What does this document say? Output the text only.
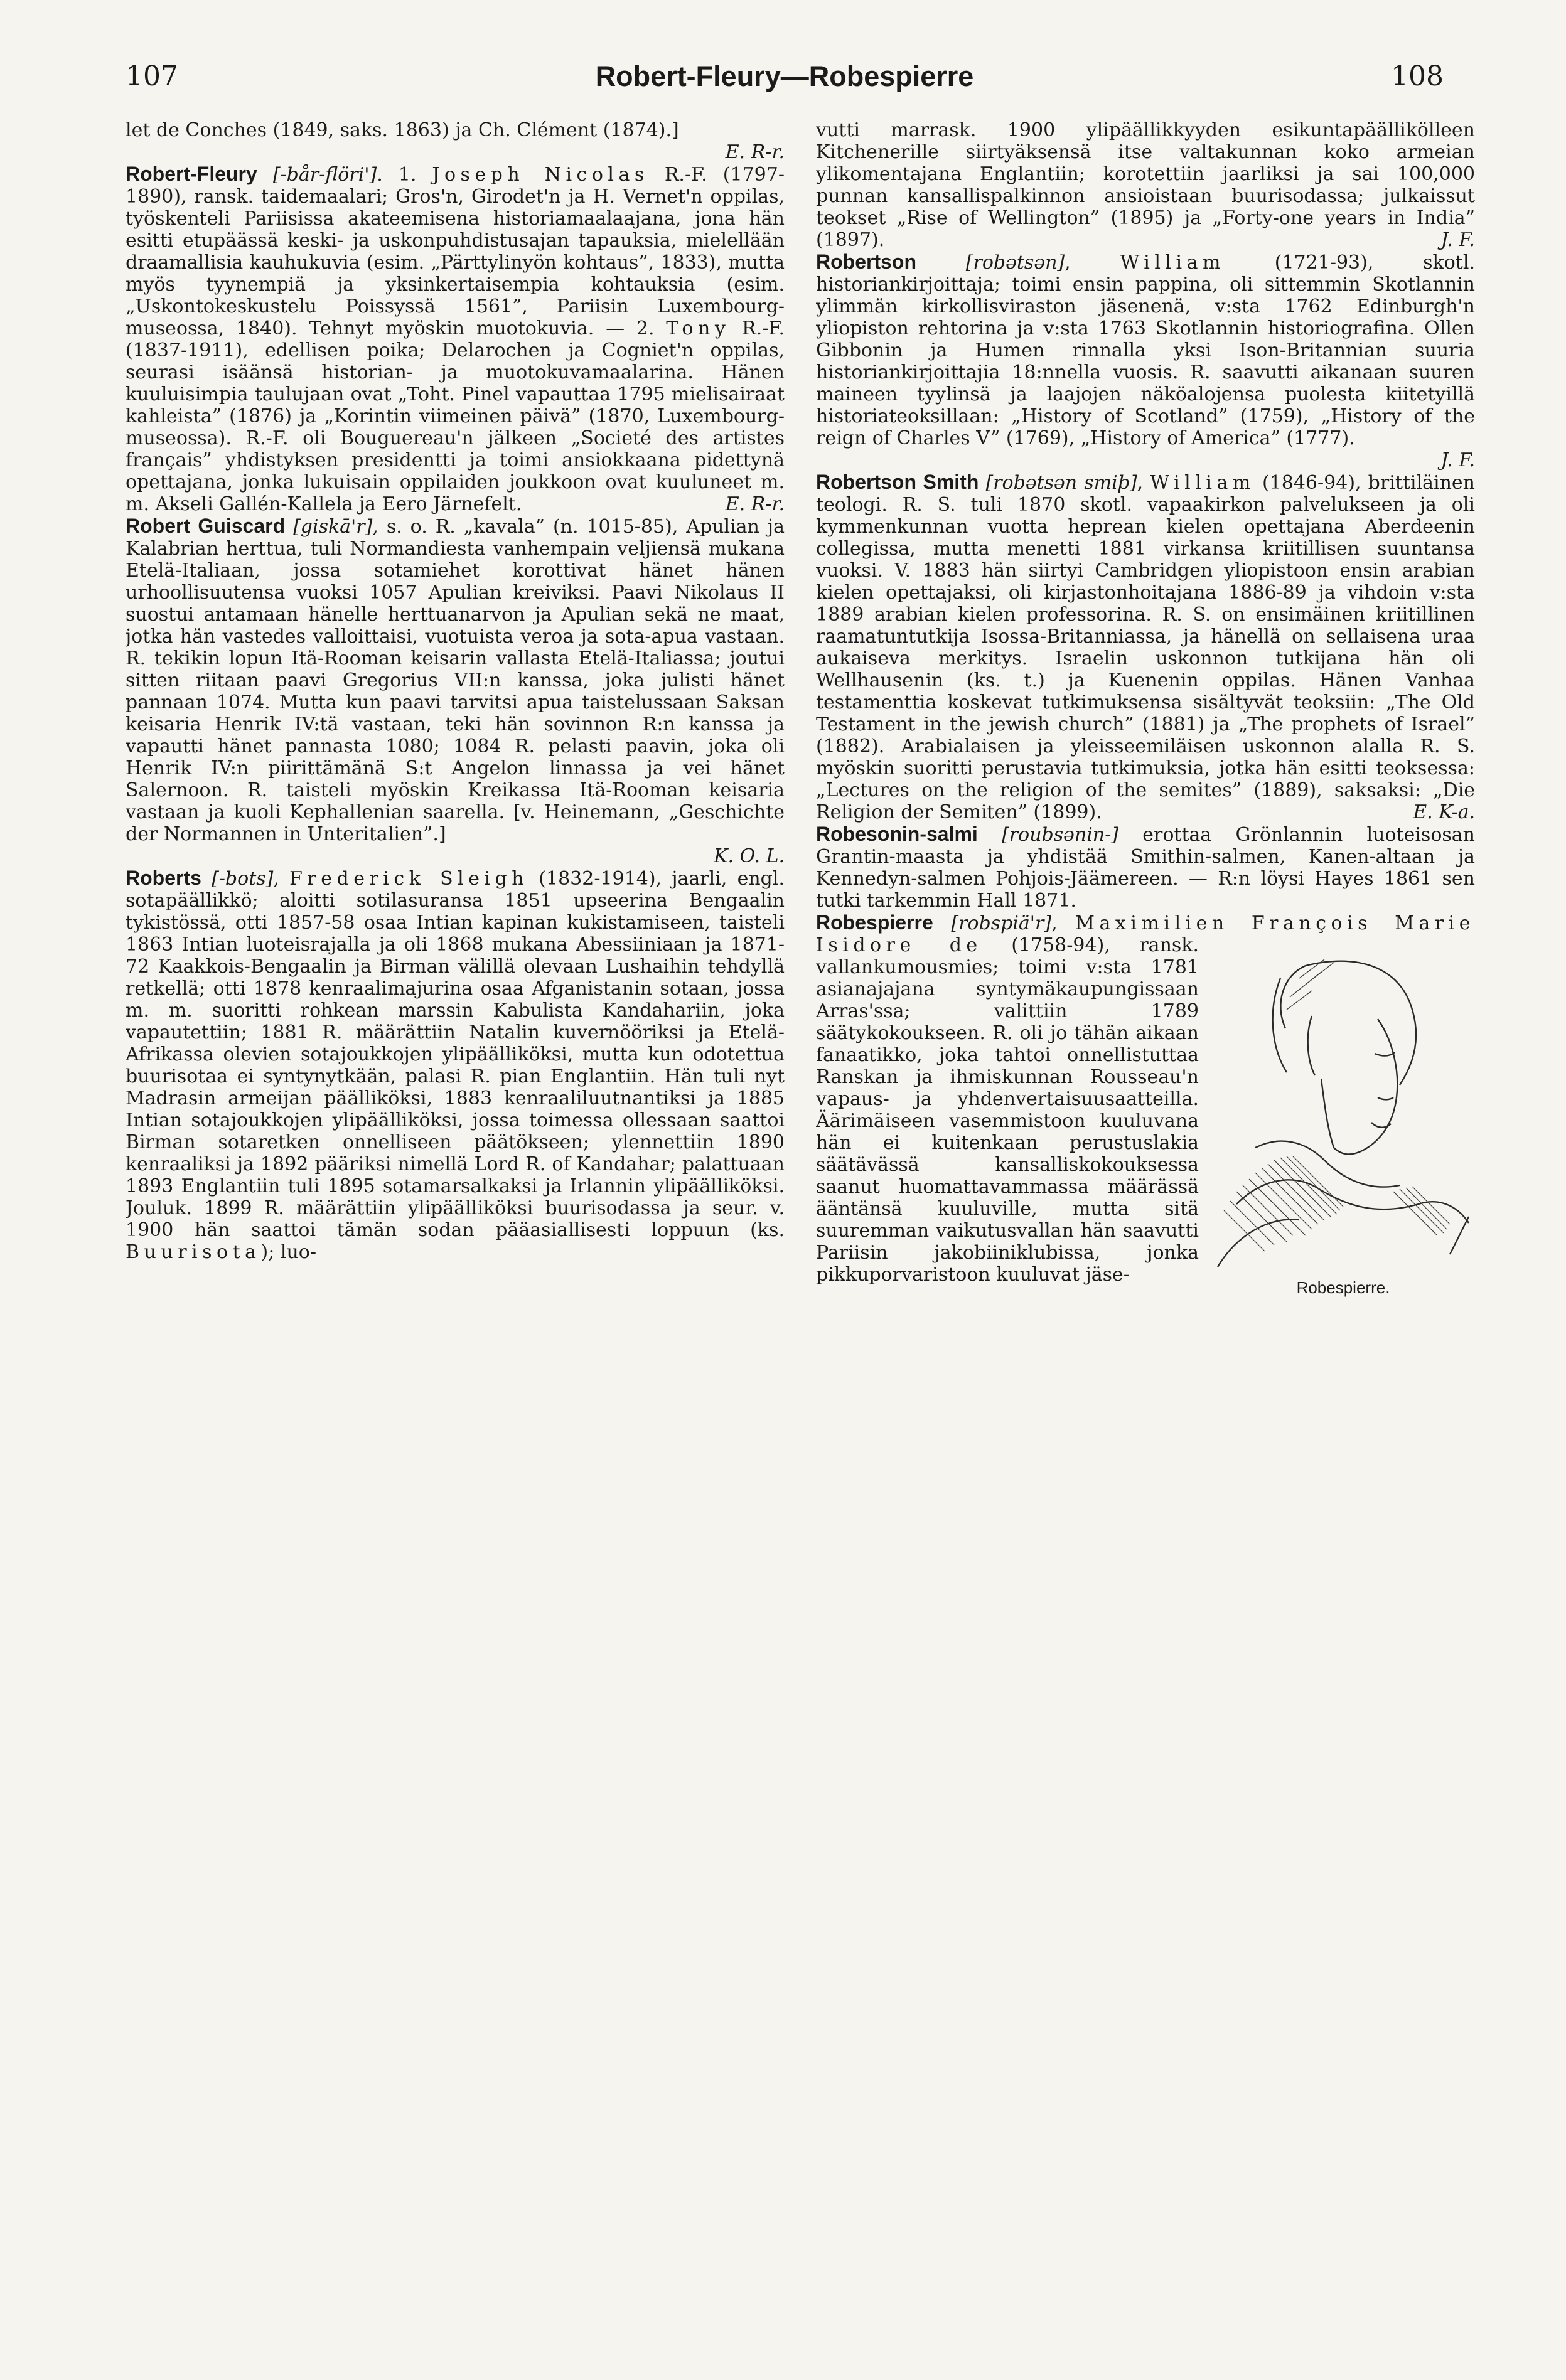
107	Robert-Fleury—Robespierre	108

let de Conches (1849, saks. 1863) ja Ch. Clément (1874).]

E. R-r.

Robert-Fleury [-bår-flöri']. 1. Joseph Nicolas R.-F. (1797-1890), ransk. taidemaalari; Gros'n, Girodet'n ja H. Vernet'n oppilas, työskenteli Pariisissa akateemisena historiamaalaajana, jona hän esitti etupäässä keski- ja uskonpuhdistusajan tapauksia, mielellään draamallisia kauhukuvia (esim. „Pärttylinyön kohtaus”, 1833), mutta myös tyynempiä ja yksinkertaisempia kohtauksia (esim. „Uskontokeskustelu Poissyssä 1561”, Pariisin Luxembourg-museossa, 1840). Tehnyt myöskin muotokuvia. — 2. Tony R.-F. (1837-1911), edellisen poika; Delarochen ja Cogniet'n oppilas, seurasi isäänsä historian- ja muotokuvamaalarina. Hänen kuuluisimpia taulujaan ovat „Toht. Pinel vapauttaa 1795 mielisairaat kahleista” (1876) ja „Korintin viimeinen päivä” (1870, Luxembourg-museossa). R.-F. oli Bouguereau'n jälkeen „Societé des artistes français” yhdistyksen presidentti ja toimi ansiokkaana pidettynä opettajana, jonka lukuisain oppilaiden joukkoon ovat kuuluneet m. m. Akseli Gallén-Kallela ja Eero Järnefelt.	E. R-r.

Robert Guiscard [giskā'r], s. o. R. „kavala” (n. 1015-85), Apulian ja Kalabrian herttua, tuli Normandiesta vanhempain veljiensä mukana Etelä-Italiaan, jossa sotamiehet korottivat hänet hänen urhoollisuutensa vuoksi 1057 Apulian kreiviksi. Paavi Nikolaus II suostui antamaan hänelle herttuanarvon ja Apulian sekä ne maat, jotka hän vastedes valloittaisi, vuotuista veroa ja sota-apua vastaan. R. tekikin lopun Itä-Rooman keisarin vallasta Etelä-Italiassa; joutui sitten riitaan paavi Gregorius VII:n kanssa, joka julisti hänet pannaan 1074. Mutta kun paavi tarvitsi apua taistelussaan Saksan keisaria Henrik IV:tä vastaan, teki hän sovinnon R:n kanssa ja vapautti hänet pannasta 1080; 1084 R. pelasti paavin, joka oli Henrik IV:n piirittämänä S:t Angelon linnassa ja vei hänet Salernoon. R. taisteli myöskin Kreikassa Itä-Rooman keisaria vastaan ja kuoli Kephallenian saarella. [v. Heinemann, „Geschichte der Normannen in Unteritalien”.]

K. O. L.

Roberts [-bots], Frederick Sleigh (1832-1914), jaarli, engl. sotapäällikkö; aloitti sotilasuransa 1851 upseerina Bengaalin tykistössä, otti 1857-58 osaa Intian kapinan kukistamiseen, taisteli 1863 Intian luoteisrajalla ja oli 1868 mukana Abessiiniaan ja 1871-72 Kaakkois-Bengaalin ja Birman välillä olevaan Lushaihin tehdyllä retkellä; otti 1878 kenraalimajurina osaa Afganistanin sotaan, jossa m. m. suoritti rohkean marssin Kabulista Kandahariin, joka vapautettiin; 1881 R. määrättiin Natalin kuvernööriksi ja Etelä-Afrikassa olevien sotajoukkojen ylipäälliköksi, mutta kun odotettua buurisotaa ei syntynytkään, palasi R. pian Englantiin. Hän tuli nyt Madrasin armeijan päälliköksi, 1883 kenraaliluutnantiksi ja 1885 Intian sotajoukkojen ylipäälliköksi, jossa toimessa ollessaan saattoi Birman sotaretken onnelliseen päätökseen; ylennettiin 1890 kenraaliksi ja 1892 pääriksi nimellä Lord R. of Kandahar; palattuaan 1893 Englantiin tuli 1895 sotamarsalkaksi ja Irlannin ylipäälliköksi. Jouluk. 1899 R. määrättiin ylipäälliköksi buurisodassa ja seur. v. 1900 hän saattoi tämän sodan pääasiallisesti loppuun (ks. Buurisota); luo-

vutti marrask. 1900 ylipäällikkyyden esikuntapäällikölleen Kitchenerille siirtyäksensä itse valtakunnan koko armeian ylikomentajana Englantiin; korotettiin jaarliksi ja sai 100,000 punnan kansallispalkinnon ansioistaan buurisodassa; julkaissut teokset „Rise of Wellington” (1895) ja „Forty-one years in India” (1897).	J. F.

Robertson	[robətsən],	William	(1721-93), skotl. historiankirjoittaja; toimi ensin pappina, oli sittemmin Skotlannin ylimmän kirkollisviraston jäsenenä, v:sta 1762 Edinburgh'n yliopiston rehtorina ja v:sta 1763 Skotlannin historiografina. Ollen Gibbonin ja Humen rinnalla yksi Ison-Britannian suuria historiankirjoittajia 18:nnella vuosis. R. saavutti aikanaan suuren maineen tyylinsä ja laajojen näköalojensa puolesta kiitetyillä historiateoksillaan: „History of Scotland” (1759), „History of the reign of Charles V” (1769), „History of America” (1777).

J. F.

Robertson Smith [robətsən smiþ], William (1846-94), brittiläinen teologi. R. S. tuli 1870 skotl. vapaakirkon palvelukseen ja oli kymmenkunnan vuotta heprean kielen opettajana Aberdeenin collegissa, mutta menetti 1881 virkansa kriitillisen suuntansa vuoksi. V. 1883 hän siirtyi Cambridgen yliopistoon ensin arabian kielen opettajaksi, oli kirjastonhoitajana 1886-89 ja vihdoin v:sta 1889 arabian kielen professorina. R. S. on ensimäinen kriitillinen raamatuntutkija Isossa-Britanniassa, ja hänellä on sellaisena uraa aukaiseva merkitys. Israelin uskonnon tutkijana hän oli Wellhausenin (ks. t.) ja Kuenenin oppilas. Hänen Vanhaa testamenttia koskevat tutkimuksensa sisältyvät teoksiin: „The Old Testament in the jewish church” (1881) ja „The prophets of Israel” (1882). Arabialaisen ja yleisseemiläisen uskonnon alalla R. S. myöskin suoritti perustavia tutkimuksia, jotka hän esitti teoksessa: „Lectures on the religion of the semites” (1889), saksaksi: „Die Religion der Semiten” (1899).	E. K-a.

Robesonin-salmi [roubsənin-] erottaa Grönlannin luoteisosan Grantin-maasta ja yhdistää Smithin-salmen, Kanen-altaan ja Kennedyn-salmen Pohjois-Jäämereen. — R:n löysi Hayes 1861 sen tutki tarkemmin Hall 1871.

Robespierre [robspiä'r], Maximilien François Marie Isidore de
Robespierre.
(1758-94), ransk. vallankumousmies; toimi v:sta 1781 asianajajana syntymäkaupungissaan Arras'ssa; valittiin 1789 säätykokoukseen. R. oli jo tähän aikaan fanaatikko, joka tahtoi onnellistuttaa Ranskan ja ihmiskunnan Rousseau'n vapaus- ja yhdenvertaisuusaatteilla. Äärimäiseen vasemmistoon kuuluvana hän ei kuitenkaan perustuslakia säätävässä kansalliskokouksessa saanut huomattavammassa määrässä ääntänsä kuuluville, mutta sitä suuremman vaikutusvallan hän saavutti Pariisin jakobiiniklubissa, jonka pikkuporvaristoon kuuluvat jäse-
